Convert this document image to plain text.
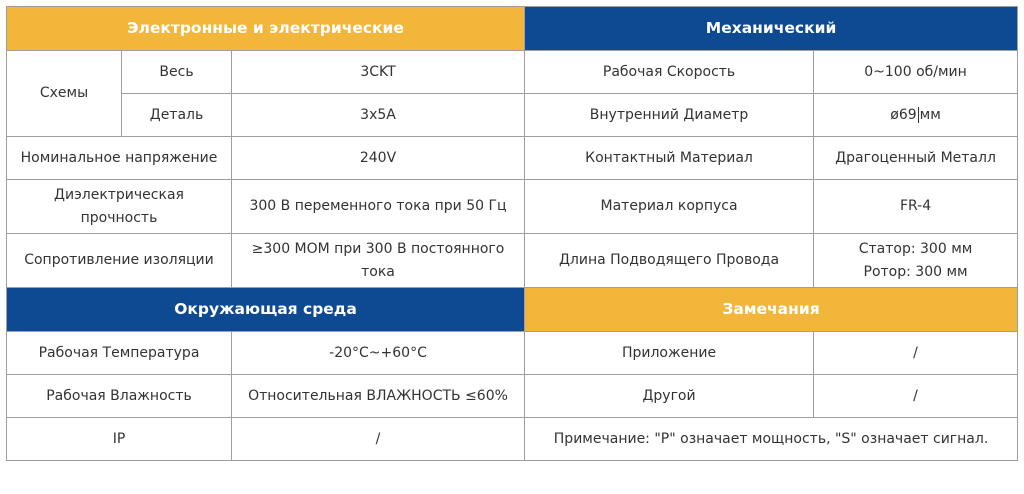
Электронные и электрические			Механический	
Схемы	Весь	3CKT	Рабочая Скорость	0~100 об/мин
	Деталь	3x5A	Внутренний Диаметр	ø69 мм
Номинальное напряжение		240V	Контактный Материал	Драгоценный Металл
Диэлектрическая прочность		300 В переменного тока при 50 Гц	Материал корпуса	FR-4
Сопротивление изоляции		≥300 МОМ при 300 В постоянного тока	Длина Подводящего Провода	Статор: 300 мм
Ротор: 300 мм

Окружающая среда			Замечания	
Рабочая Температура		-20°C~+60°C	Приложение	/
Рабочая Влажность		Относительная ВЛАЖНОСТЬ ≤60%	Другой	/
IP		/	Примечание: "P" означает мощность, "S" означает сигнал.	
